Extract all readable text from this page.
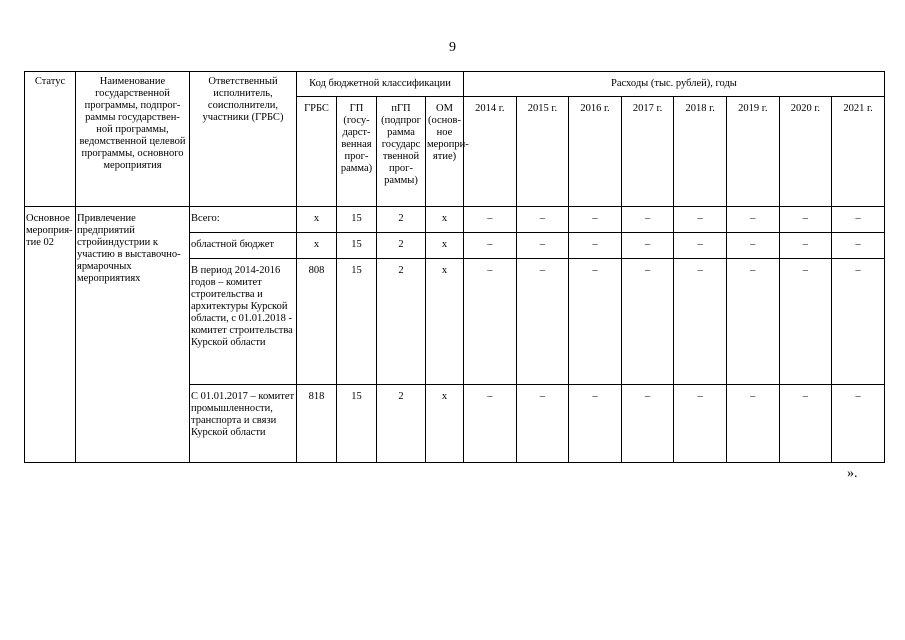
9
Статус	Наименование государственной программы, подпрог-раммы государствен-ной программы, ведомственной целевой программы, основного мероприятия	Ответственный исполнитель, соисполнители, участники (ГРБС)	Код бюджетной классификации				Расходы (тыс. рублей), годы							
			ГРБС	ГП (госу-дарст-венная прог-рамма)	пГП (подпрог рамма государс твенной прог-раммы)	ОМ (основ-ное меропри-ятие)	2014 г.	2015 г.	2016 г.	2017 г.	2018 г.	2019 г.	2020 г.	2021 г.
Основное мероприя-тие 02	Привлечение предприятий стройиндустрии к участию в выставочно-ярмарочных мероприятиях	Всего:	х	15	2	х	–	–	–	–	–	–	–	–
		областной бюджет	х	15	2	х	–	–	–	–	–	–	–	–
		В период 2014-2016 годов – комитет строительства и архитектуры Курской области, с 01.01.2018 - комитет строительства Курской области	808	15	2	х	–	–	–	–	–	–	–	–
		С 01.01.2017 – комитет промышленности, транспорта и связи Курской области	818	15	2	х	–	–	–	–	–	–	–	–
».
